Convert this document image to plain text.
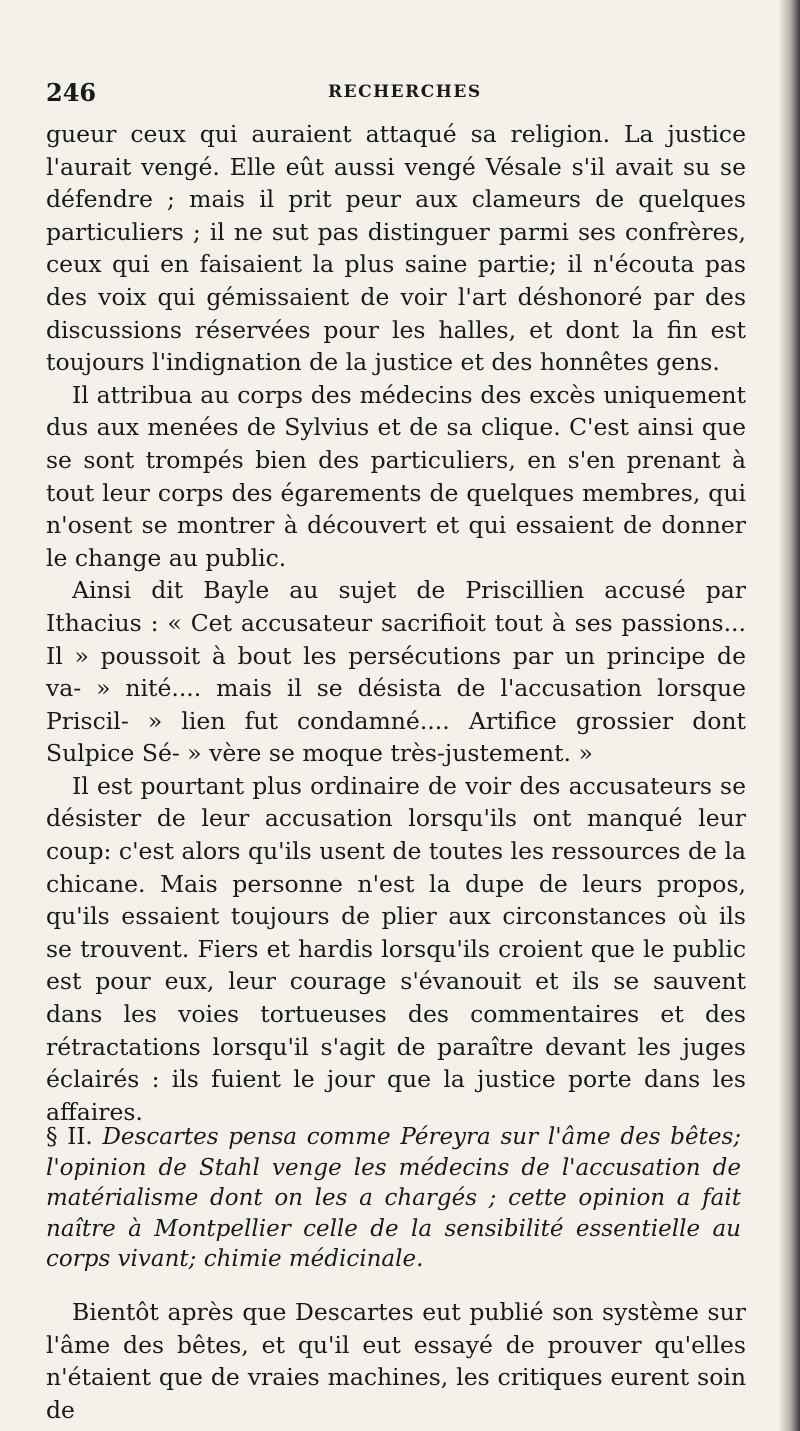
246	RECHERCHES

gueur ceux qui auraient attaqué sa religion. La justice l'aurait vengé. Elle eût aussi vengé Vésale s'il avait su se défendre ; mais il prit peur aux clameurs de quelques particuliers ; il ne sut pas distinguer parmi ses confrères, ceux qui en faisaient la plus saine partie; il n'écouta pas des voix qui gémissaient de voir l'art déshonoré par des discussions réservées pour les halles, et dont la fin est toujours l'indignation de la justice et des honnêtes gens.

Il attribua au corps des médecins des excès uniquement dus aux menées de Sylvius et de sa clique. C'est ainsi que se sont trompés bien des particuliers, en s'en prenant à tout leur corps des égarements de quelques membres, qui n'osent se montrer à découvert et qui essaient de donner le change au public.

Ainsi dit Bayle au sujet de Priscillien accusé par Ithacius : « Cet accusateur sacrifioit tout à ses passions... Il » poussoit à bout les persécutions par un principe de va- » nité.... mais il se désista de l'accusation lorsque Priscil- » lien fut condamné.... Artifice grossier dont Sulpice Sé- » vère se moque très-justement. »

Il est pourtant plus ordinaire de voir des accusateurs se désister de leur accusation lorsqu'ils ont manqué leur coup: c'est alors qu'ils usent de toutes les ressources de la chicane. Mais personne n'est la dupe de leurs propos, qu'ils essaient toujours de plier aux circonstances où ils se trouvent. Fiers et hardis lorsqu'ils croient que le public est pour eux, leur courage s'évanouit et ils se sauvent dans les voies tortueuses des commentaires et des rétractations lorsqu'il s'agit de paraître devant les juges éclairés : ils fuient le jour que la justice porte dans les affaires.

§ II. Descartes pensa comme Péreyra sur l'âme des bêtes; l'opinion de Stahl venge les médecins de l'accusation de matérialisme dont on les a chargés ; cette opinion a fait naître à Montpellier celle de la sensibilité essentielle au corps vivant; chimie médicinale.

Bientôt après que Descartes eut publié son système sur l'âme des bêtes, et qu'il eut essayé de prouver qu'elles n'étaient que de vraies machines, les critiques eurent soin de
